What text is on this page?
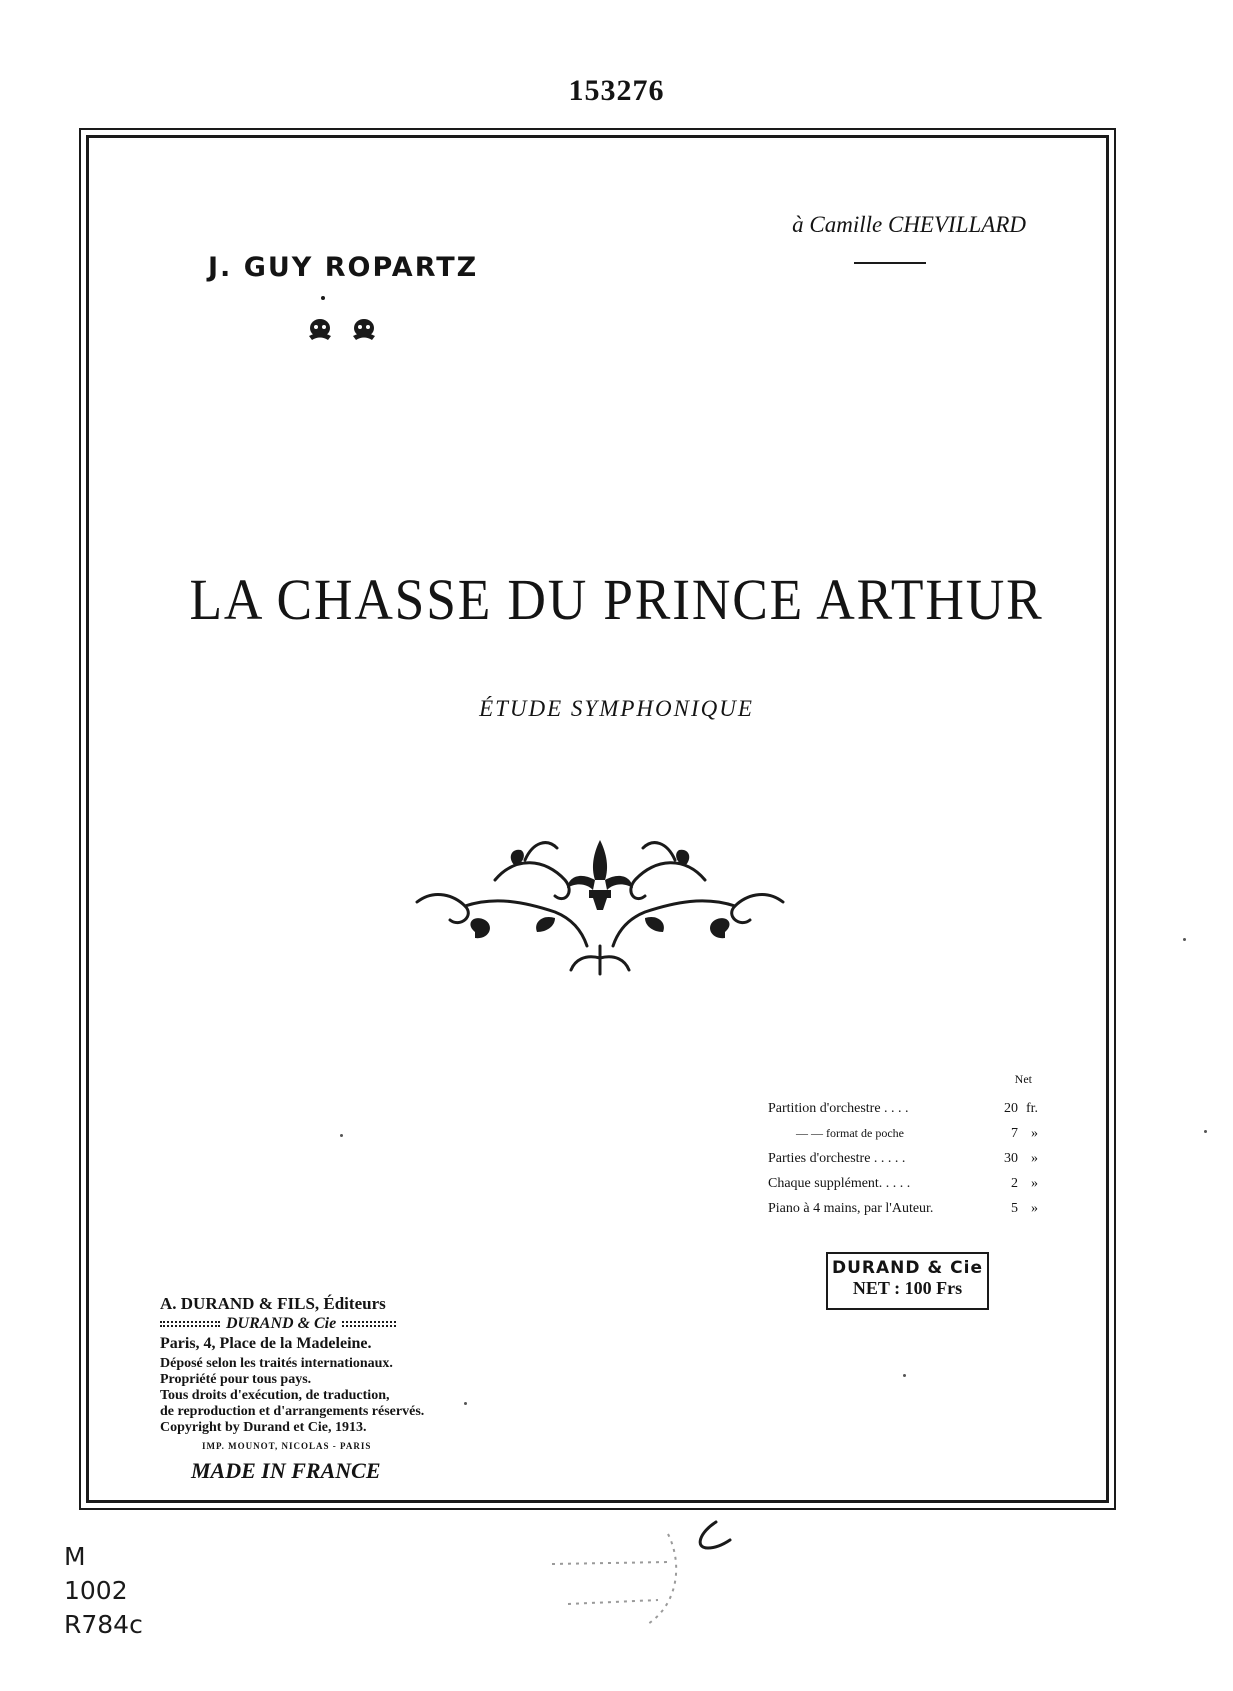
153276
à Camille CHEVILLARD
J. GUY ROPARTZ
LA CHASSE DU PRINCE ARTHUR
ÉTUDE SYMPHONIQUE
Net
Partition d'orchestre . . . .	20 fr.
— — format de poche	7 »
Parties d'orchestre . . . . .	30 »
Chaque supplément. . . . .	2 »
Piano à 4 mains, par l'Auteur.	5 »
DURAND & Cie
NET : 100 Frs
A. DURAND & FILS, Éditeurs
DURAND & Cie
Paris, 4, Place de la Madeleine.
Déposé selon les traités internationaux.
Propriété pour tous pays.
Tous droits d'exécution, de traduction,
de reproduction et d'arrangements réservés.
Copyright by Durand et Cie, 1913.
IMP. MOUNOT, NICOLAS - PARIS
MADE IN FRANCE
M
1002
R784c
